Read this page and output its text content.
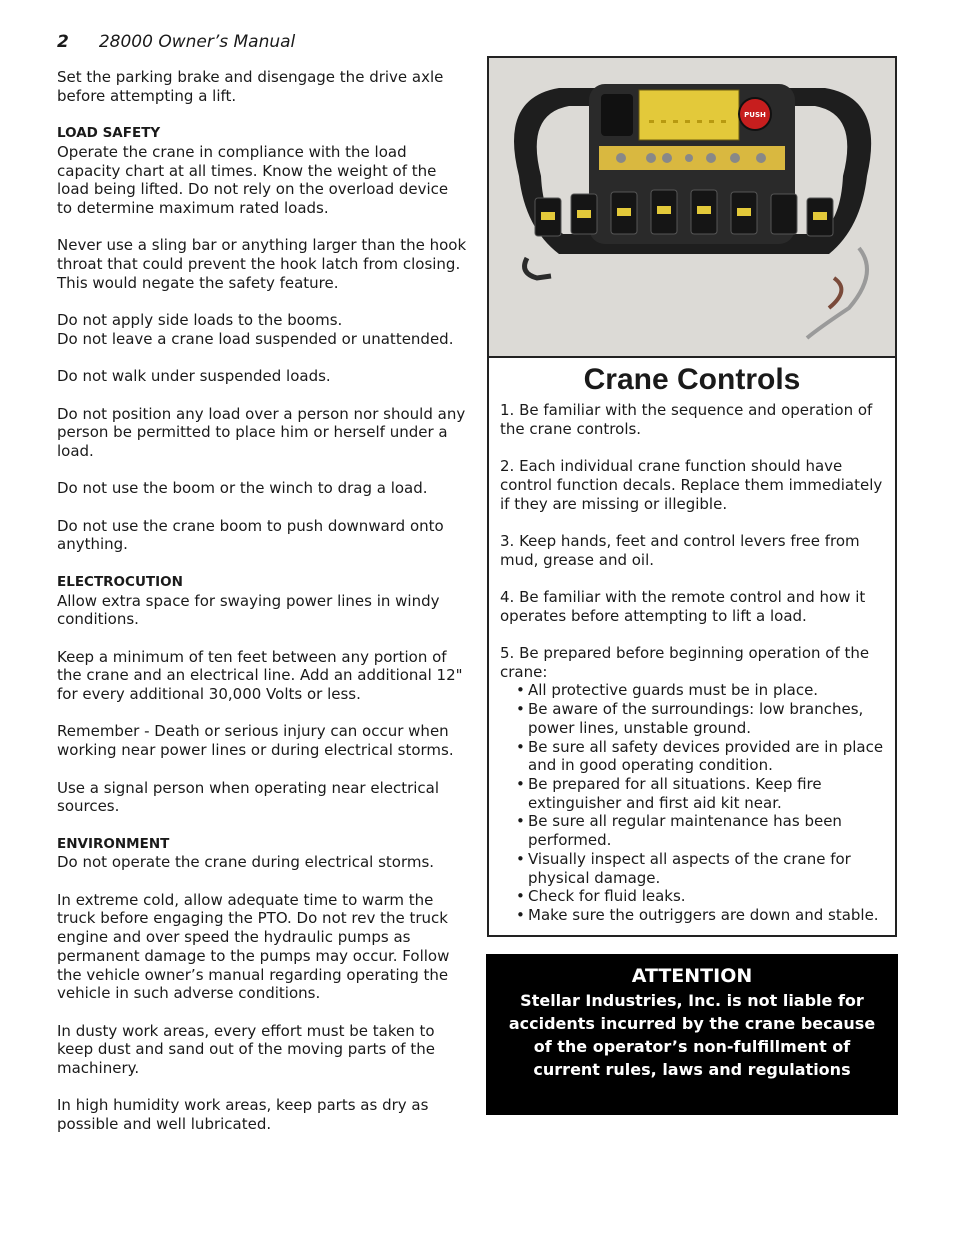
2 28000 Owner’s Manual

Set the parking brake and disengage the drive axle before attempting a lift.

LOAD SAFETY
Operate the crane in compliance with the load capacity chart at all times. Know the weight of the load being lifted. Do not rely on the overload device to determine maximum rated loads.

Never use a sling bar or anything larger than the hook throat that could prevent the hook latch from closing. This would negate the safety feature.

Do not apply side loads to the booms.
Do not leave a crane load suspended or unattended.

Do not walk under suspended loads.

Do not position any load over a person nor should any person be permitted to place him or herself under a load.

Do not use the boom or the winch to drag a load.

Do not use the crane boom to push downward onto anything.

ELECTROCUTION
Allow extra space for swaying power lines in windy conditions.

Keep a minimum of ten feet between any portion of the crane and an electrical line. Add an additional 12" for every additional 30,000 Volts or less.

Remember - Death or serious injury can occur when working near power lines or during electrical storms.

Use a signal person when operating near electrical sources.

ENVIRONMENT
Do not operate the crane during electrical storms.

In extreme cold, allow adequate time to warm the truck before engaging the PTO. Do not rev the truck engine and over speed the hydraulic pumps as permanent damage to the pumps may occur. Follow the vehicle owner’s manual regarding operating the vehicle in such adverse conditions.

In dusty work areas, every effort must be taken to keep dust and sand out of the moving parts of the machinery.

In high humidity work areas, keep parts as dry as possible and well lubricated.

PUSH
Crane Controls

1. Be familiar with the sequence and operation of the crane controls.

2. Each individual crane function should have control function decals. Replace them immediately if they are missing or illegible.

3. Keep hands, feet and control levers free from mud, grease and oil.

4. Be familiar with the remote control and how it operates before attempting to lift a load.

5. Be prepared before beginning operation of the crane:
• All protective guards must be in place.
• Be aware of the surroundings: low branches, power lines, unstable ground.
• Be sure all safety devices provided are in place and in good operating condition.
• Be prepared for all situations. Keep fire extinguisher and first aid kit near.
• Be sure all regular maintenance has been performed.
• Visually inspect all aspects of the crane for physical damage.
• Check for fluid leaks.
• Make sure the outriggers are down and stable.
ATTENTION
Stellar Industries, Inc. is not liable for accidents incurred by the crane because of the operator’s non-fulfillment of current rules, laws and regulations
